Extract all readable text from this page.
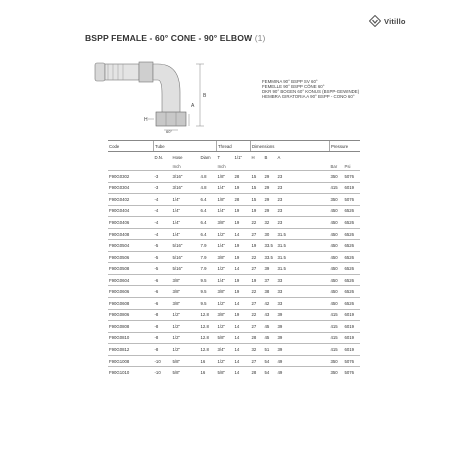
Vitillo
BSPP FEMALE - 60° CONE - 90° ELBOW (1)
B
A
H
60°
FEMMINA 90° BSPP SV 60°
FEMELLE 90° BSPP CÔNE 60°
DKR 90° BOGEN 60° KONUS (BSPP-GEWINDE)
HEMBRA GIRATORIA A 90° BSPP - CONO 60°
Code	Tube			Thread		Dimensions			Pressure	
	D.N.	Hose	Diam	T	1/1"	H	B	A		
		Inch		Inch					Bar	Psi
F90G0302	-3	3/16"	4.8	1/8"	28	15	29	23	350	5076
F90G0304	-3	3/16"	4.8	1/4"	19	15	29	23	415	6019
F90G0402	-4	1/4"	6.4	1/8"	28	15	29	23	350	5076
F90G0404	-4	1/4"	6.4	1/4"	19	19	29	23	450	6526
F90G0406	-4	1/4"	6.4	3/8"	19	22	32	23	450	6526
F90G0408	-4	1/4"	6.4	1/2"	14	27	30	31.5	450	6526
F90G0504	-5	5/16"	7.9	1/4"	19	19	33.5	31.5	450	6526
F90G0506	-5	5/16"	7.9	3/8"	19	22	33.5	31.5	450	6526
F90G0508	-5	5/16"	7.9	1/2"	14	27	39	31.5	450	6526
F90G0604	-6	3/8"	9.5	1/4"	19	19	37	33	450	6526
F90G0606	-6	3/8"	9.5	3/8"	19	22	38	33	450	6526
F90G0608	-6	3/8"	9.5	1/2"	14	27	42	33	450	6526
F90G0806	-8	1/2"	12.8	3/8"	19	22	43	39	415	6019
F90G0808	-8	1/2"	12.8	1/2"	14	27	45	39	415	6019
F90G0810	-8	1/2"	12.8	5/8"	14	28	45	39	415	6019
F90G0812	-8	1/2"	12.8	3/4"	14	32	51	39	415	6019
F90G1008	-10	5/8"	16	1/2"	14	27	54	49	350	5076
F90G1010	-10	5/8"	16	5/8"	14	28	54	49	350	5076
